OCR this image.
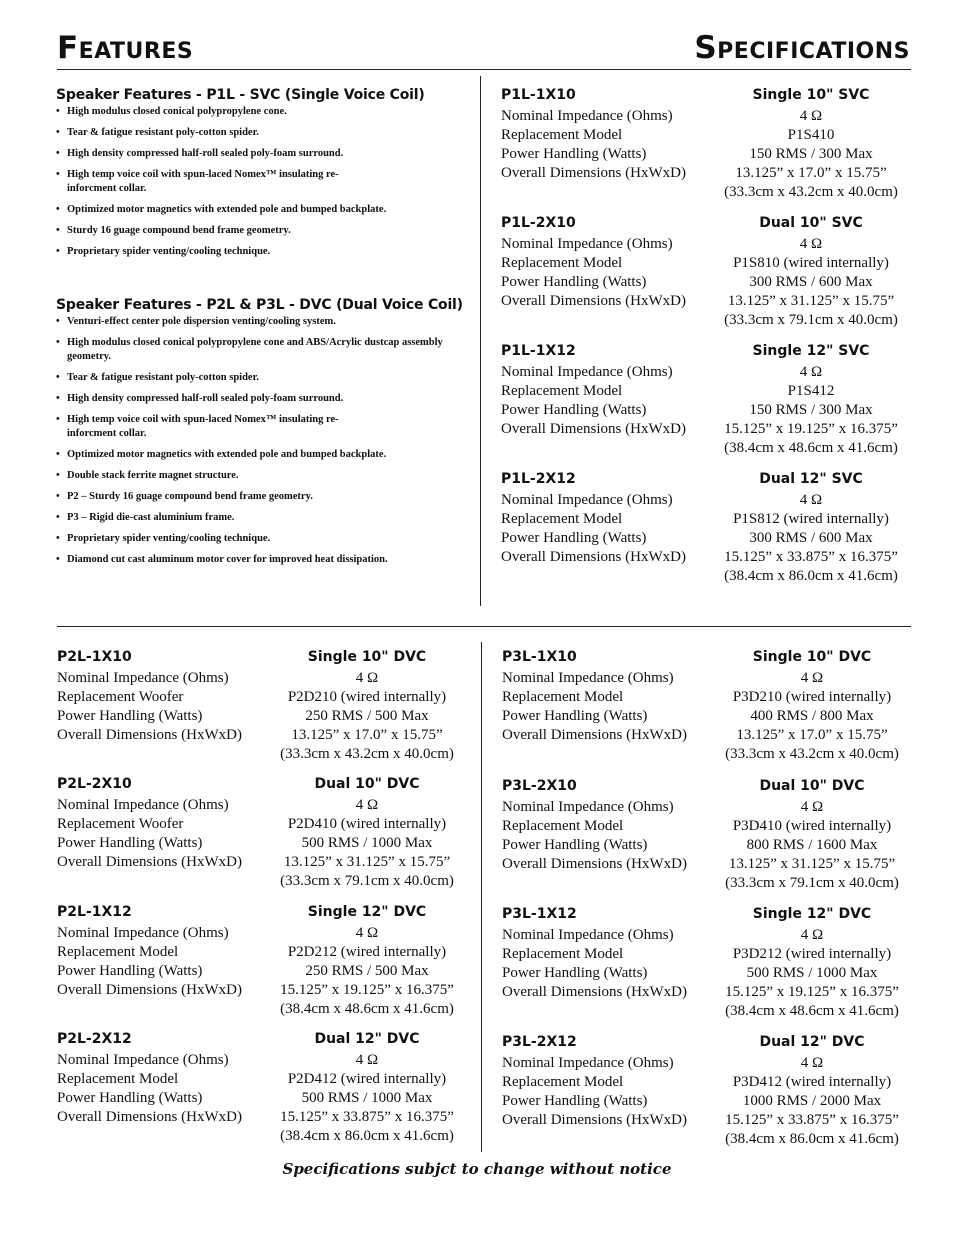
Features	Specifications
Speaker Features - P1L - SVC (Single Voice Coil)
• High modulus closed conical polypropylene cone.
• Tear & fatigue resistant poly-cotton spider.
• High density compressed half-roll sealed poly-foam surround.
• High temp voice coil with spun-laced Nomex™ insulating re-inforcment collar.
• Optimized motor magnetics with extended pole and bumped backplate.
• Sturdy 16 guage compound bend frame geometry.
• Proprietary spider venting/cooling technique.
Speaker Features - P2L & P3L - DVC (Dual Voice Coil)
• Venturi-effect center pole dispersion venting/cooling system.
• High modulus closed conical polypropylene cone and ABS/Acrylic dustcap assembly geometry.
• Tear & fatigue resistant poly-cotton spider.
• High density compressed half-roll sealed poly-foam surround.
• High temp voice coil with spun-laced Nomex™ insulating re-inforcment collar.
• Optimized motor magnetics with extended pole and bumped backplate.
• Double stack ferrite magnet structure.
• P2 – Sturdy 16 guage compound bend frame geometry.
• P3 – Rigid die-cast aluminium frame.
• Proprietary spider venting/cooling technique.
• Diamond cut cast aluminum motor cover for improved heat dissipation.
P1L-1X10	Single 10" SVC
Nominal Impedance (Ohms)	4 Ω
Replacement Model	P1S410
Power Handling (Watts)	150 RMS / 300 Max
Overall Dimensions (HxWxD)	13.125” x 17.0” x 15.75”
(33.3cm x 43.2cm x 40.0cm)
P1L-2X10	Dual 10" SVC
Nominal Impedance (Ohms)	4 Ω
Replacement Model	P1S810 (wired internally)
Power Handling (Watts)	300 RMS / 600 Max
Overall Dimensions (HxWxD)	13.125” x 31.125” x 15.75”
(33.3cm x 79.1cm x 40.0cm)
P1L-1X12	Single 12" SVC
Nominal Impedance (Ohms)	4 Ω
Replacement Model	P1S412
Power Handling (Watts)	150 RMS / 300 Max
Overall Dimensions (HxWxD)	15.125” x 19.125” x 16.375”
(38.4cm x 48.6cm x 41.6cm)
P1L-2X12	Dual 12" SVC
Nominal Impedance (Ohms)	4 Ω
Replacement Model	P1S812 (wired internally)
Power Handling (Watts)	300 RMS / 600 Max
Overall Dimensions (HxWxD)	15.125” x 33.875” x 16.375”
(38.4cm x 86.0cm x 41.6cm)
P2L-1X10	Single 10" DVC
Nominal Impedance (Ohms)	4 Ω
Replacement Woofer	P2D210 (wired internally)
Power Handling (Watts)	250 RMS / 500 Max
Overall Dimensions (HxWxD)	13.125” x 17.0” x 15.75”
(33.3cm x 43.2cm x 40.0cm)
P2L-2X10	Dual 10" DVC
Nominal Impedance (Ohms)	4 Ω
Replacement Woofer	P2D410 (wired internally)
Power Handling (Watts)	500 RMS / 1000 Max
Overall Dimensions (HxWxD)	13.125” x 31.125” x 15.75”
(33.3cm x 79.1cm x 40.0cm)
P2L-1X12	Single 12" DVC
Nominal Impedance (Ohms)	4 Ω
Replacement Model	P2D212 (wired internally)
Power Handling (Watts)	250 RMS / 500 Max
Overall Dimensions (HxWxD)	15.125” x 19.125” x 16.375”
(38.4cm x 48.6cm x 41.6cm)
P2L-2X12	Dual 12" DVC
Nominal Impedance (Ohms)	4 Ω
Replacement Model	P2D412 (wired internally)
Power Handling (Watts)	500 RMS / 1000 Max
Overall Dimensions (HxWxD)	15.125” x 33.875” x 16.375”
(38.4cm x 86.0cm x 41.6cm)
P3L-1X10	Single 10" DVC
Nominal Impedance (Ohms)	4 Ω
Replacement Model	P3D210 (wired internally)
Power Handling (Watts)	400 RMS / 800 Max
Overall Dimensions (HxWxD)	13.125” x 17.0” x 15.75”
(33.3cm x 43.2cm x 40.0cm)
P3L-2X10	Dual 10" DVC
Nominal Impedance (Ohms)	4 Ω
Replacement Model	P3D410 (wired internally)
Power Handling (Watts)	800 RMS / 1600 Max
Overall Dimensions (HxWxD)	13.125” x 31.125” x 15.75”
(33.3cm x 79.1cm x 40.0cm)
P3L-1X12	Single 12" DVC
Nominal Impedance (Ohms)	4 Ω
Replacement Model	P3D212 (wired internally)
Power Handling (Watts)	500 RMS / 1000 Max
Overall Dimensions (HxWxD)	15.125” x 19.125” x 16.375”
(38.4cm x 48.6cm x 41.6cm)
P3L-2X12	Dual 12" DVC
Nominal Impedance (Ohms)	4 Ω
Replacement Model	P3D412 (wired internally)
Power Handling (Watts)	1000 RMS / 2000 Max
Overall Dimensions (HxWxD)	15.125” x 33.875” x 16.375”
(38.4cm x 86.0cm x 41.6cm)
Specifications subjct to change without notice
